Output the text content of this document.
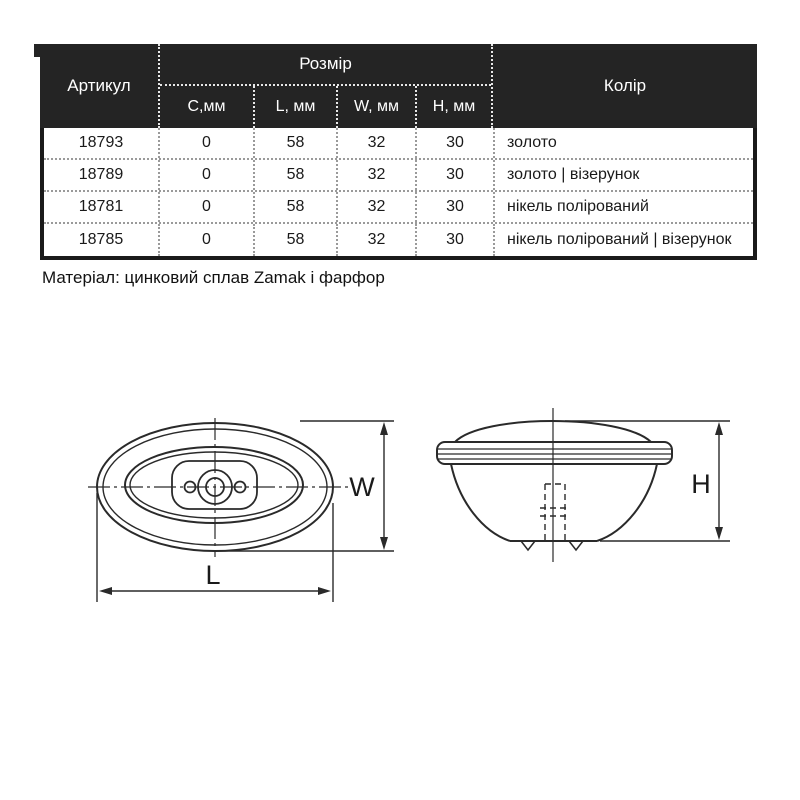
Артикул
Розмір
C,мм	L, мм	W, мм	H, мм
Колір
18793	0	58	32	30	золото
18789	0	58	32	30	золото | візерунок
18781	0	58	32	30	нікель полірований
18785	0	58	32	30	нікель полірований | візерунок
Матеріал: цинковий сплав Zamak і фарфор
W
L
H
